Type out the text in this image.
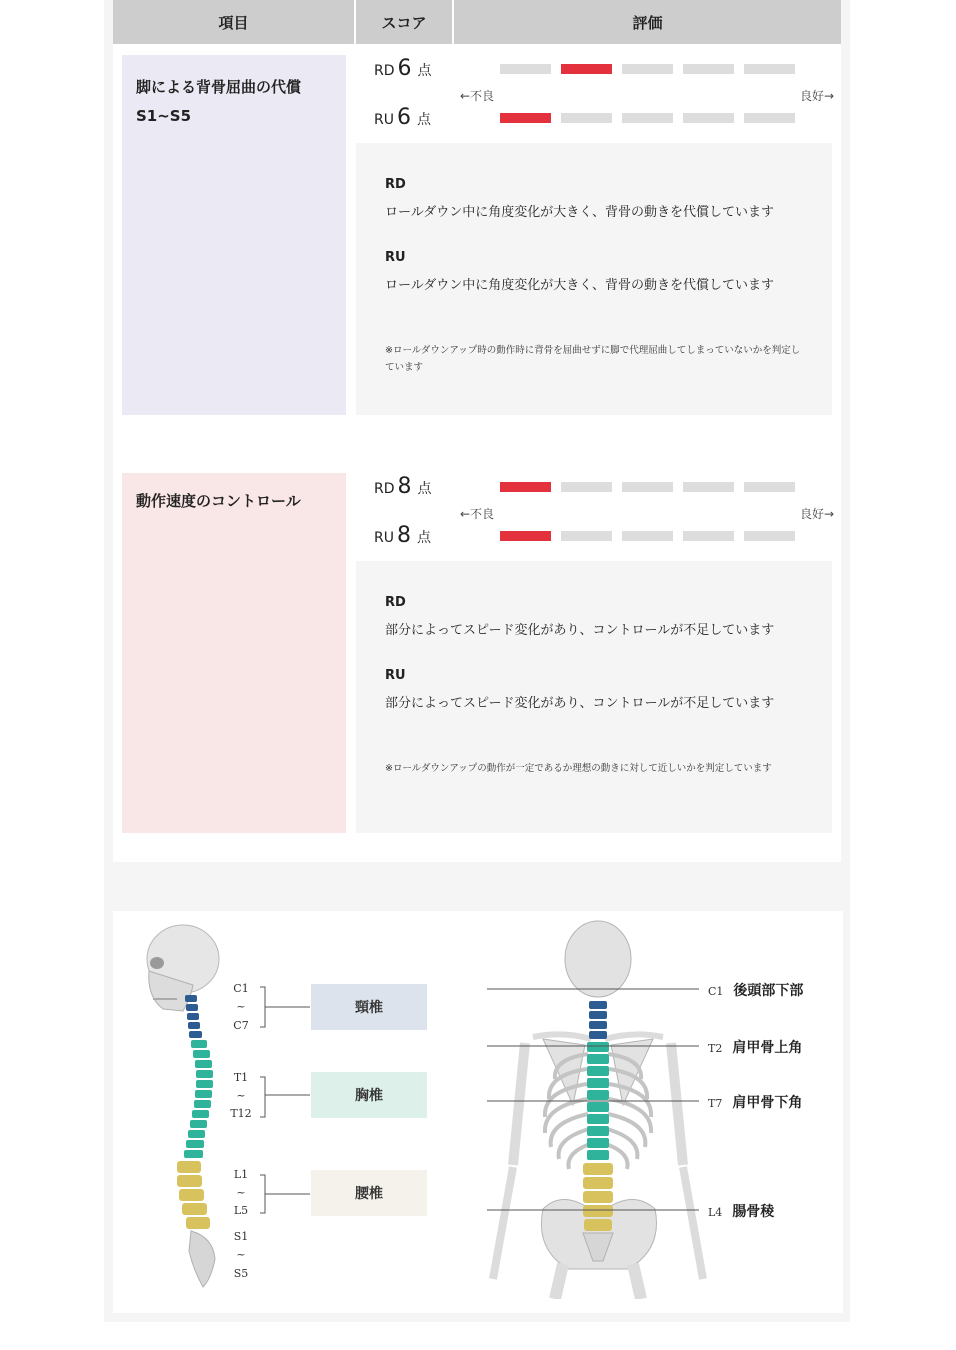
項目	スコア	評価
脚による背骨屈曲の代償
S1~S5
RD 6 点
←不良	良好→
RU 6 点
RD
ロールダウン中に角度変化が大きく、背骨の動きを代償しています
RU
ロールダウン中に角度変化が大きく、背骨の動きを代償しています
※ロールダウンアップ時の動作時に背骨を屈曲せずに脚で代理屈曲してしまっていないかを判定しています
動作速度のコントロール
RD 8 点
←不良	良好→
RU 8 点
RD
部分によってスピード変化があり、コントロールが不足しています
RU
部分によってスピード変化があり、コントロールが不足しています
※ロールダウンアップの動作が一定であるか理想の動きに対して近しいかを判定しています
C1
~
C7
T1
~
T12
L1
~
L5
S1
~
S5
頸椎
胸椎
腰椎
C1 後頭部下部
T2 肩甲骨上角
T7 肩甲骨下角
L4 腸骨稜
